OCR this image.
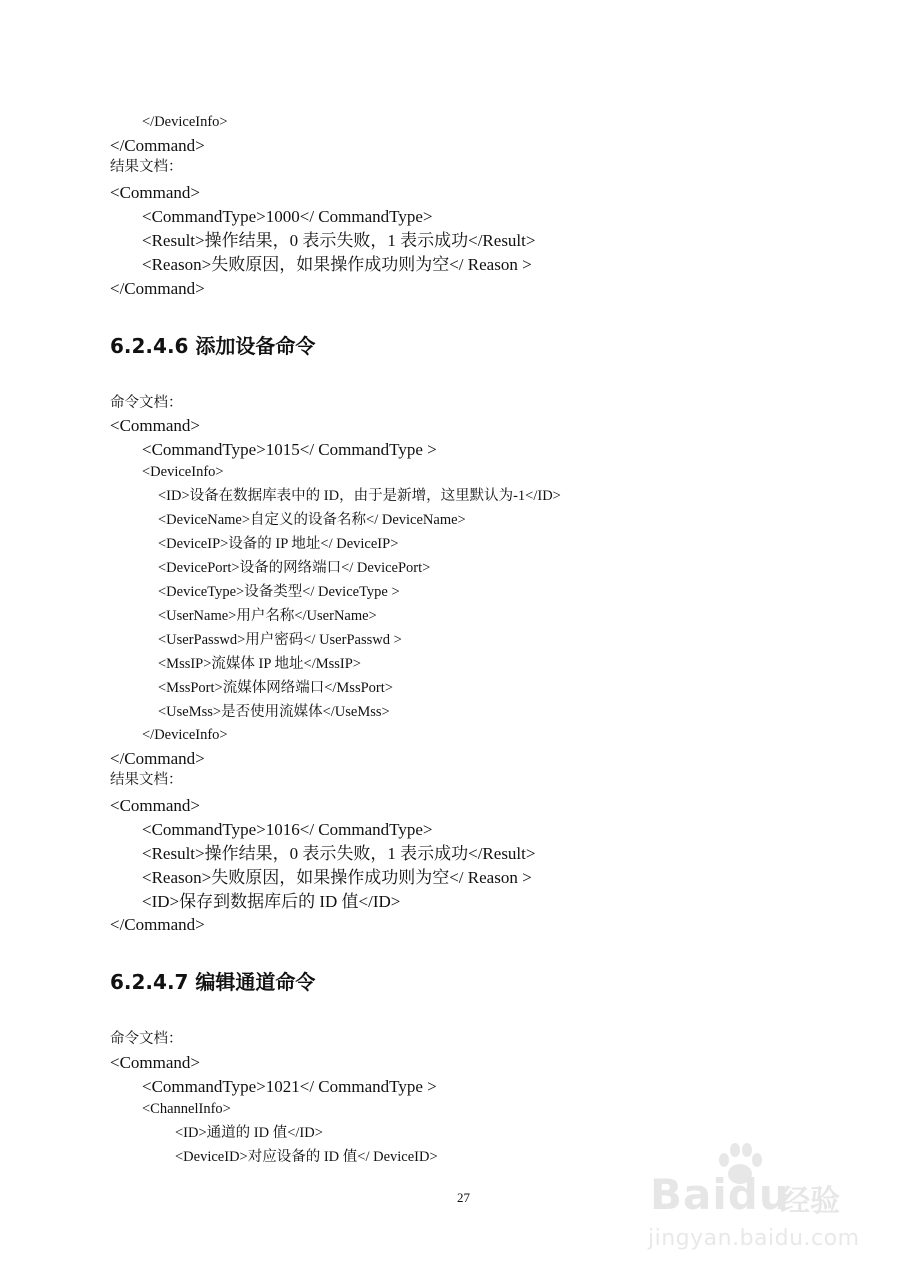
</DeviceInfo>
</Command>
结果文档：
<Command>
<CommandType>1000</ CommandType>
<Result>操作结果，0 表示失败，1 表示成功</Result>
<Reason>失败原因，如果操作成功则为空</ Reason >
</Command>
6.2.4.6 添加设备命令
命令文档：
<Command>
<CommandType>1015</ CommandType >
<DeviceInfo>
<ID>设备在数据库表中的 ID，由于是新增，这里默认为-1</ID>
<DeviceName>自定义的设备名称</ DeviceName>
<DeviceIP>设备的 IP 地址</ DeviceIP>
<DevicePort>设备的网络端口</ DevicePort>
<DeviceType>设备类型</ DeviceType >
<UserName>用户名称</UserName>
<UserPasswd>用户密码</ UserPasswd >
<MssIP>流媒体 IP 地址</MssIP>
<MssPort>流媒体网络端口</MssPort>
<UseMss>是否使用流媒体</UseMss>
</DeviceInfo>
</Command>
结果文档：
<Command>
<CommandType>1016</ CommandType>
<Result>操作结果，0 表示失败，1 表示成功</Result>
<Reason>失败原因，如果操作成功则为空</ Reason >
<ID>保存到数据库后的 ID 值</ID>
</Command>
6.2.4.7 编辑通道命令
命令文档：
<Command>
<CommandType>1021</ CommandType >
<ChannelInfo>
<ID>通道的 ID 值</ID>
<DeviceID>对应设备的 ID 值</ DeviceID>
27	Baidu
经验
jingyan.baidu.com
